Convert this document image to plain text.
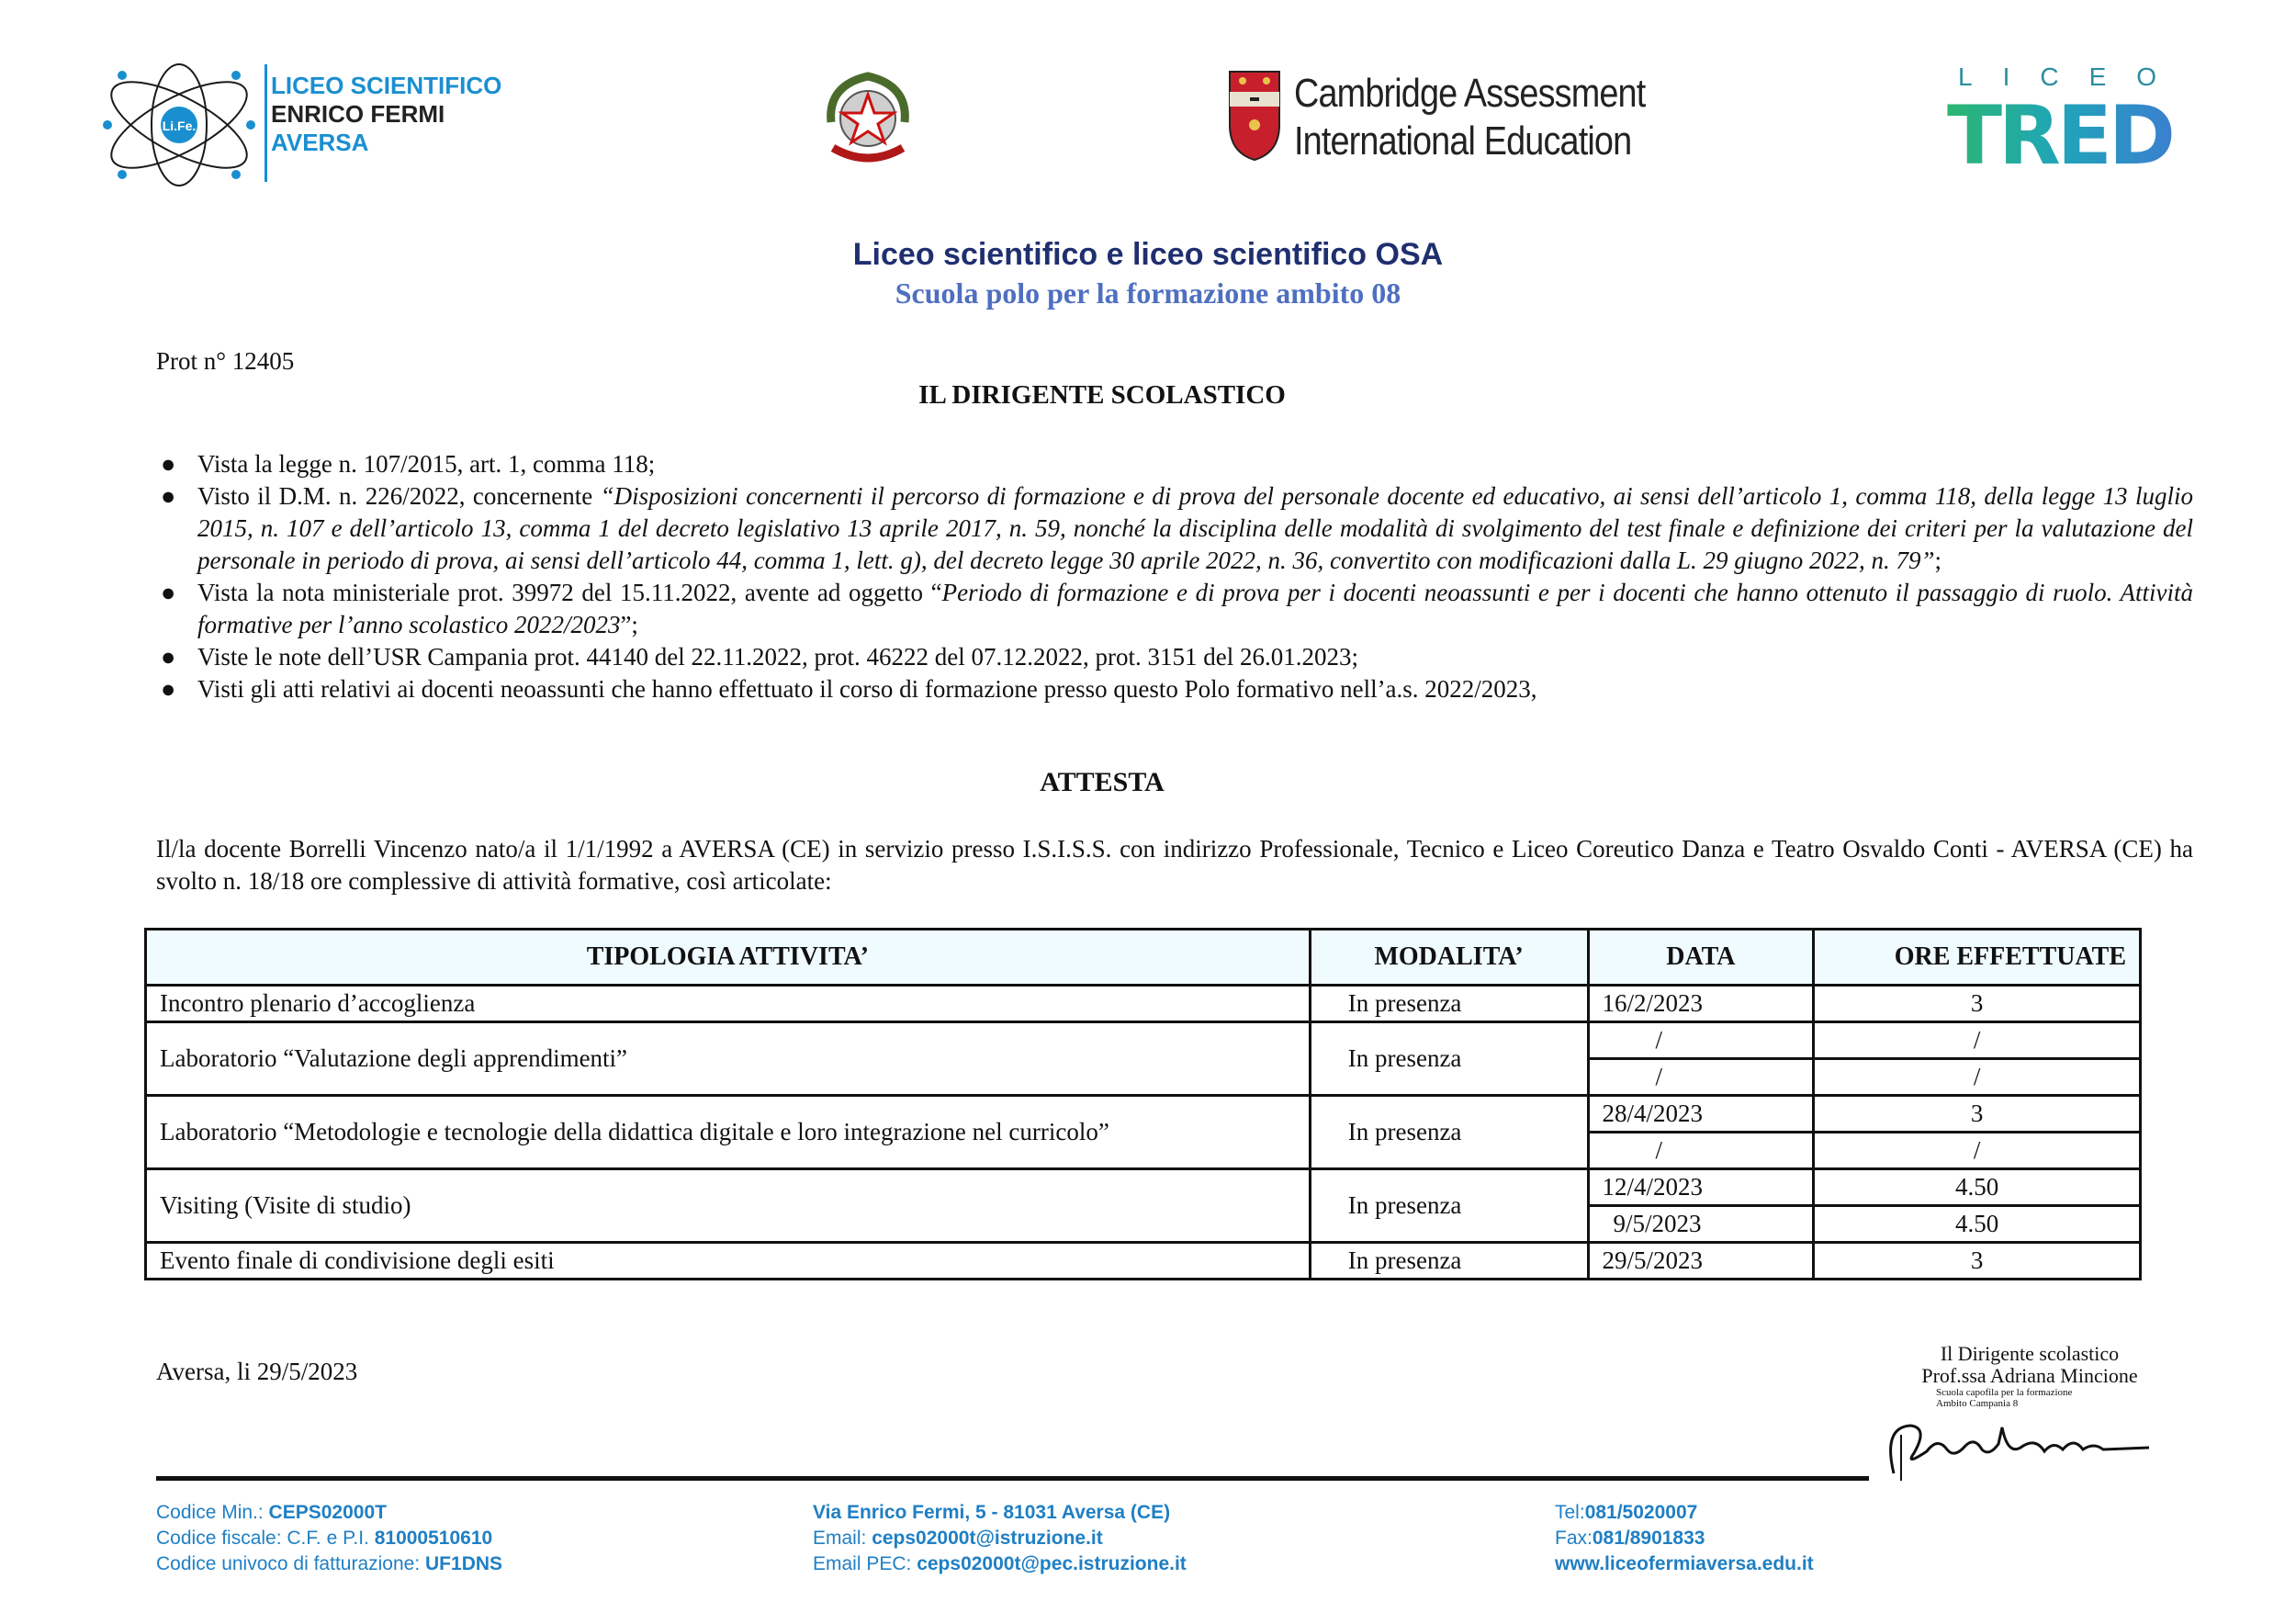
Li.Fe.
LICEO SCIENTIFICO
ENRICO FERMI
AVERSA
Cambridge Assessment
International Education
LICEO
TRED
Liceo scientifico e liceo scientifico OSA
Scuola polo per la formazione ambito 08
Prot n° 12405
IL DIRIGENTE SCOLASTICO
● Vista la legge n. 107/2015, art. 1, comma 118;
● Visto il D.M. n. 226/2022, concernente “Disposizioni concernenti il percorso di formazione e di prova del personale docente ed educativo, ai sensi dell’articolo 1, comma 118, della legge 13 luglio 2015, n. 107 e dell’articolo 13, comma 1 del decreto legislativo 13 aprile 2017, n. 59, nonché la disciplina delle modalità di svolgimento del test finale e definizione dei criteri per la valutazione del personale in periodo di prova, ai sensi dell’articolo 44, comma 1, lett. g), del decreto legge 30 aprile 2022, n. 36, convertito con modificazioni dalla L. 29 giugno 2022, n. 79”;
● Vista la nota ministeriale prot. 39972 del 15.11.2022, avente ad oggetto “Periodo di formazione e di prova per i docenti neoassunti e per i docenti che hanno ottenuto il passaggio di ruolo. Attività formative per l’anno scolastico 2022/2023”;
● Viste le note dell’USR Campania prot. 44140 del 22.11.2022, prot. 46222 del 07.12.2022, prot. 3151 del 26.01.2023;
● Visti gli atti relativi ai docenti neoassunti che hanno effettuato il corso di formazione presso questo Polo formativo nell’a.s. 2022/2023,
ATTESTA
Il/la docente Borrelli Vincenzo nato/a il 1/1/1992 a AVERSA (CE) in servizio presso I.S.I.S.S. con indirizzo Professionale, Tecnico e Liceo Coreutico Danza e Teatro Osvaldo Conti - AVERSA (CE) ha svolto n. 18/18 ore complessive di attività formative, così articolate:
TIPOLOGIA ATTIVITA’	MODALITA’	DATA	ORE EFFETTUATE
Incontro plenario d’accoglienza	In presenza	16/2/2023	3
Laboratorio “Valutazione degli apprendimenti”	In presenza	/	/
		/	/
Laboratorio “Metodologie e tecnologie della didattica digitale e loro integrazione nel curricolo”	In presenza	28/4/2023	3
		/	/
Visiting (Visite di studio)	In presenza	12/4/2023	4.50
		9/5/2023	4.50
Evento finale di condivisione degli esiti	In presenza	29/5/2023	3
Aversa, li 29/5/2023
Il Dirigente scolastico
Prof.ssa Adriana Mincione
Scuola capofila per la formazione
Ambito Campania 8
Codice Min.: CEPS02000T
Codice fiscale: C.F. e P.I. 81000510610
Codice univoco di fatturazione: UF1DNS
Via Enrico Fermi, 5 - 81031 Aversa (CE)
Email: ceps02000t@istruzione.it
Email PEC: ceps02000t@pec.istruzione.it
Tel:081/5020007
Fax:081/8901833
www.liceofermiaversa.edu.it
